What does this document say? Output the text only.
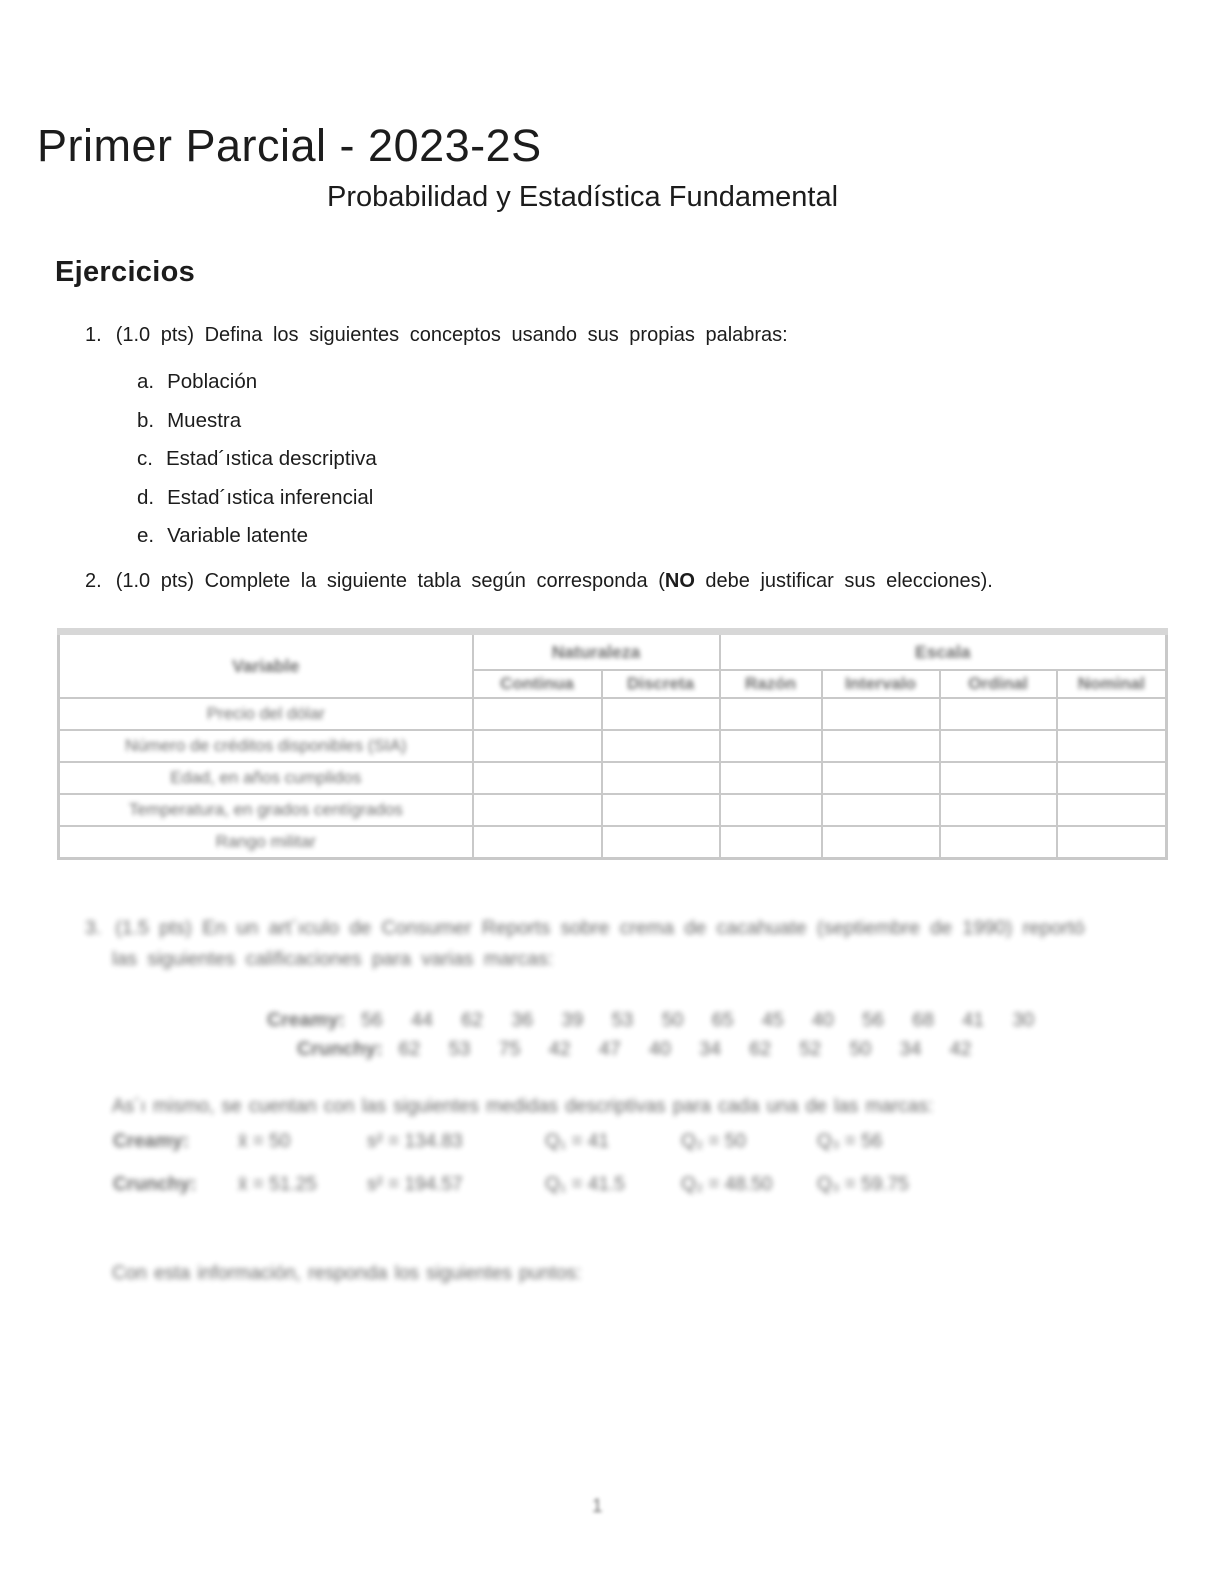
Primer Parcial - 2023-2S
Probabilidad y Estadística Fundamental
Ejercicios
1. (1.0 pts) Defina los siguientes conceptos usando sus propias palabras:
a. Población
b. Muestra
c. Estad´ıstica descriptiva
d. Estad´ıstica inferencial
e. Variable latente
2. (1.0 pts) Complete la siguiente tabla según corresponda (NO debe justificar sus elecciones).
Variable	Naturaleza		Escala			
	Continua	Discreta	Razón	Intervalo	Ordinal	Nominal
Precio del dólar						
Número de créditos disponibles (SIA)						
Edad, en años cumplidos						
Temperatura, en grados centígrados						
Rango militar						
3. (1.5 pts) En un art´ıculo de Consumer Reports sobre crema de cacahuate (septiembre de 1990) reportó
las siguientes calificaciones para varias marcas:
Creamy: 56 44 62 36 39 53 50 65 45 40 56 68 41 30
Crunchy: 62 53 75 42 47 40 34 62 52 50 34 42
As´ı mismo, se cuentan con las siguientes medidas descriptivas para cada una de las marcas:
Creamy:	x̄ = 50	s² = 134.83	Q₁ = 41	Q₂ = 50	Q₃ = 56
Crunchy: x̄ = 51.25	s² = 194.57	Q₁ = 41.5	Q₂ = 48.50 Q₃ = 59.75
Con esta información, responda los siguientes puntos:
1
